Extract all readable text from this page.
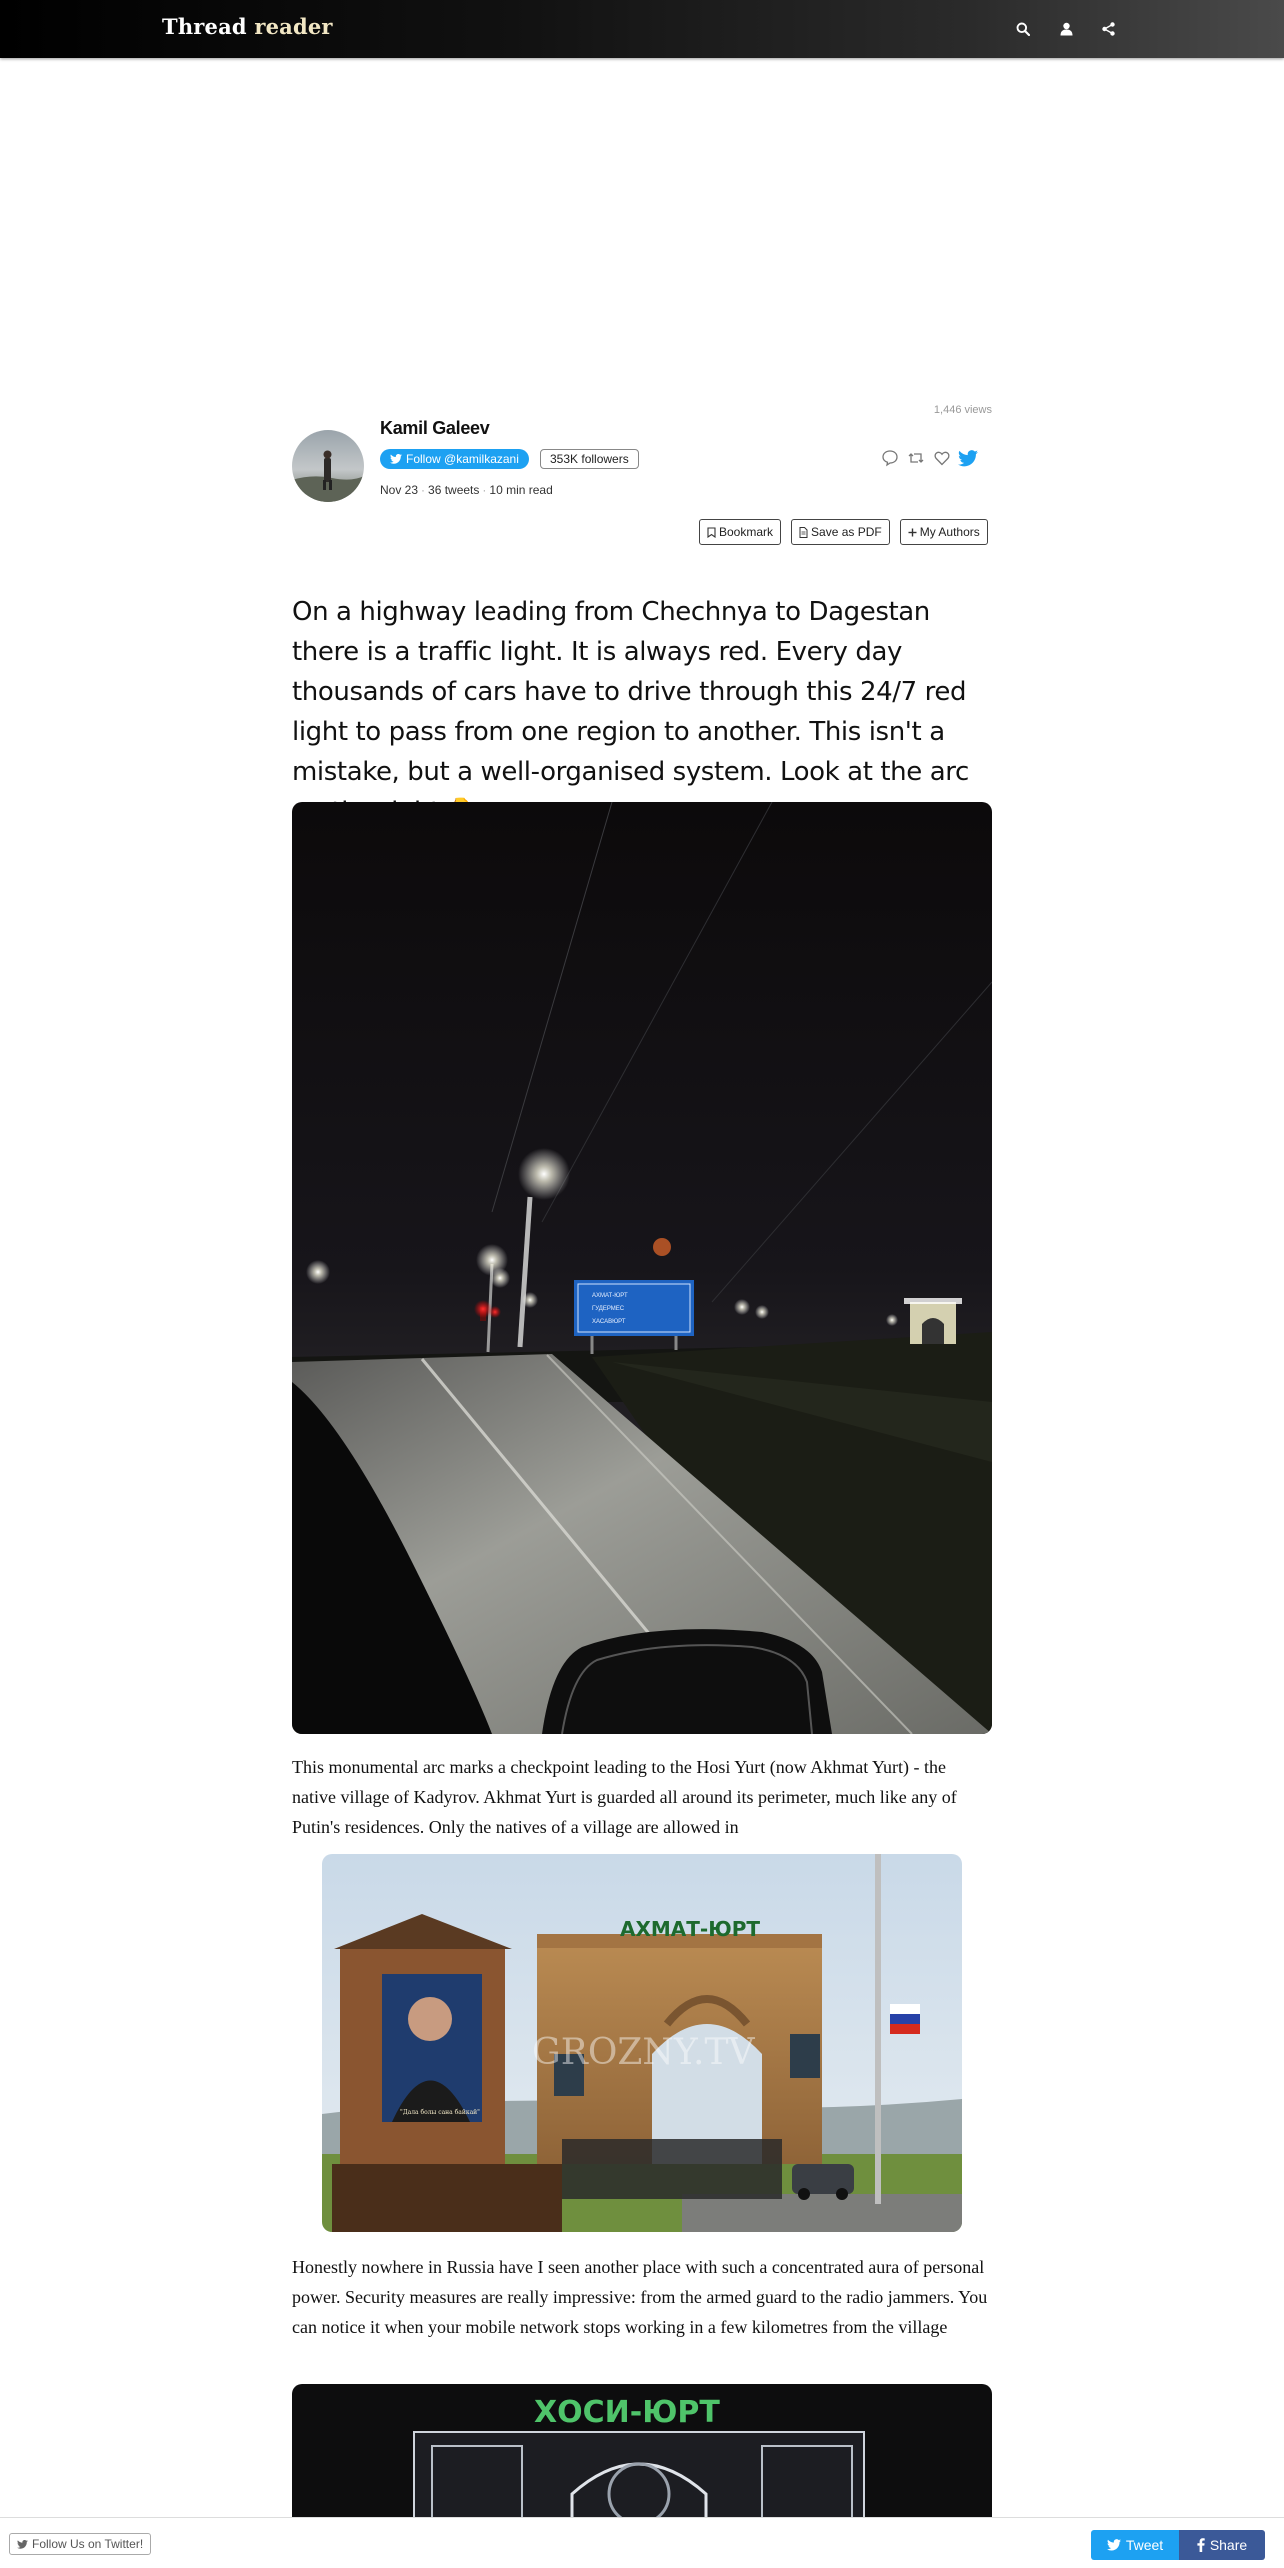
Thread reader
1,446 views
Kamil Galeev
Follow @kamilkazani	353K followers
Nov 23 · 36 tweets · 10 min read
Bookmark	Save as PDF	My Authors
On a highway leading from Chechnya to Dagestan there is a traffic light. It is always red. Every day thousands of cars have to drive through this 24/7 red light to pass from one region to another. This isn't a mistake, but a well-organised system. Look at the arc
АХМАТ-ЮРТ
ГУДЕРМЕС
ХАСАВЮРТ
This monumental arc marks a checkpoint leading to the Hosi Yurt (now Akhmat Yurt) - the native village of Kadyrov. Akhmat Yurt is guarded all around its perimeter, much like any of Putin's residences. Only the natives of a village are allowed in
АХМАТ-ЮРТ
"Дала болы сана байкай"
GROZNY.TV
Honestly nowhere in Russia have I seen another place with such a concentrated aura of personal power. Security measures are really impressive: from the armed guard to the radio jammers. You can notice it when your mobile network stops working in a few kilometres from the village
ХОСИ-ЮРТ
Follow Us on Twitter!	Tweet	Share
